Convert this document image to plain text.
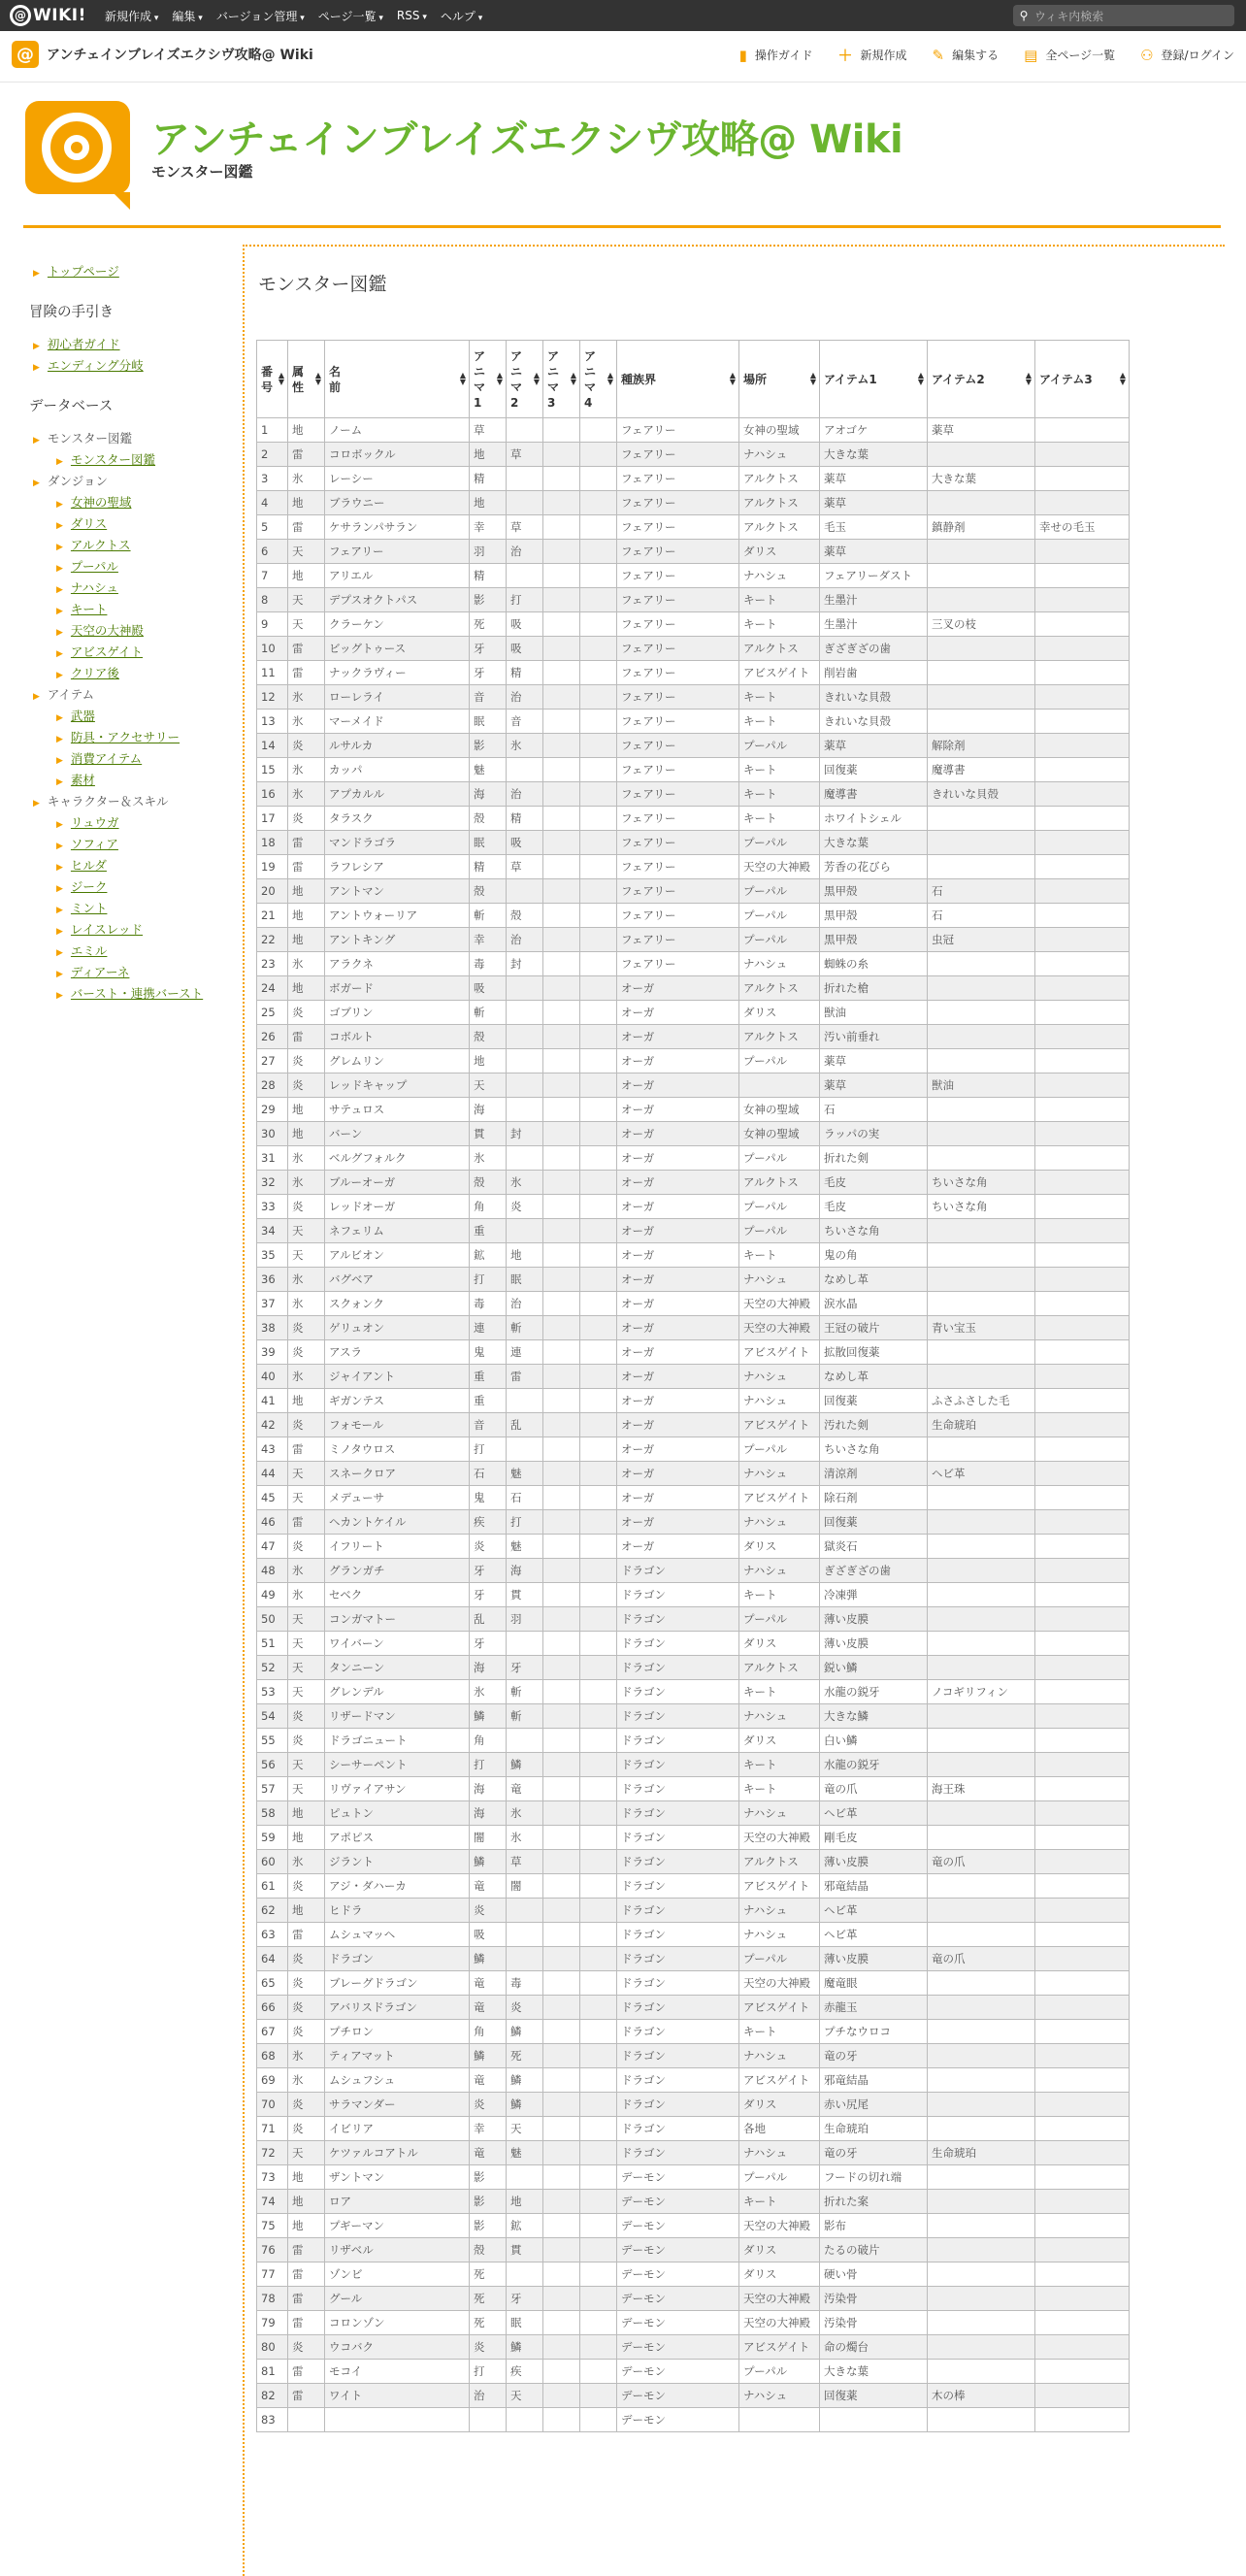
@ WIKI! 新規作成 ▾	編集 ▾	バージョン管理 ▾	ページ一覧 ▾	RSS ▾	ヘルプ ▾	⚲ ウィキ内検索
@ アンチェインブレイズエクシヴ攻略@ Wiki	▮ 操作ガイド ＋ 新規作成 ✎ 編集する ▤ 全ページ一覧 ⚇ 登録/ログイン
アンチェインブレイズエクシヴ攻略@ Wiki
モンスター図鑑
▶ トップページ
冒険の手引き
▶ 初心者ガイド
▶ エンディング分岐
データベース
▶ モンスター図鑑
▶ モンスター図鑑
▶ ダンジョン
▶ 女神の聖域
▶ ダリス
▶ アルクトス
▶ プーパル
▶ ナハシュ
▶ キート
▶ 天空の大神殿
▶ アビスゲイト
▶ クリア後
▶ アイテム
▶ 武器
▶ 防具・アクセサリー
▶ 消費アイテム
▶ 素材
▶ キャラクター＆スキル
▶ リュウガ
▶ ソフィア
▶ ヒルダ
▶ ジーク
▶ ミント
▶ レイスレッド
▶ エミル
▶ ディアーネ
▶ バースト・連携バースト
モンスター図鑑
番号
▲
▼	属性
▲
▼	名前
▲
▼	アニマ1
▲
▼	アニマ2
▲
▼	アニマ3
▲
▼	アニマ4
▲
▼	種族界 ▲
▼	場所 ▲
▼	アイテム1 ▲
▼	アイテム2 ▲
▼	アイテム3 ▲
▼

1	地	ノーム	草				フェアリー	女神の聖域	アオゴケ	薬草	
2	雷	コロボックル	地	草			フェアリー	ナハシュ	大きな葉		
3	氷	レーシー	精				フェアリー	アルクトス	薬草	大きな葉	
4	地	ブラウニー	地				フェアリー	アルクトス	薬草		
5	雷	ケサランパサラン	幸	草			フェアリー	アルクトス	毛玉	鎮静剤	幸せの毛玉
6	天	フェアリー	羽	治			フェアリー	ダリス	薬草		
7	地	アリエル	精				フェアリー	ナハシュ	フェアリーダスト		
8	天	デプスオクトパス	影	打			フェアリー	キート	生墨汁		
9	天	クラーケン	死	吸			フェアリー	キート	生墨汁	三叉の枝	
10	雷	ビッグトゥース	牙	吸			フェアリー	アルクトス	ぎざぎざの歯		
11	雷	ナックラヴィー	牙	精			フェアリー	アビスゲイト	削岩歯		
12	氷	ローレライ	音	治			フェアリー	キート	きれいな貝殻		
13	氷	マーメイド	眠	音			フェアリー	キート	きれいな貝殻		
14	炎	ルサルカ	影	氷			フェアリー	プーパル	薬草	解除剤	
15	氷	カッパ	魅				フェアリー	キート	回復薬	魔導書	
16	氷	アプカルル	海	治			フェアリー	キート	魔導書	きれいな貝殻	
17	炎	タラスク	殻	精			フェアリー	キート	ホワイトシェル		
18	雷	マンドラゴラ	眠	吸			フェアリー	プーパル	大きな葉		
19	雷	ラフレシア	精	草			フェアリー	天空の大神殿	芳香の花びら		
20	地	アントマン	殻				フェアリー	プーパル	黒甲殻	石	
21	地	アントウォーリア	斬	殻			フェアリー	プーパル	黒甲殻	石	
22	地	アントキング	幸	治			フェアリー	プーパル	黒甲殻	虫冠	
23	氷	アラクネ	毒	封			フェアリー	ナハシュ	蜘蛛の糸		
24	地	ボガード	吸				オーガ	アルクトス	折れた槍		
25	炎	ゴブリン	斬				オーガ	ダリス	獣油		
26	雷	コボルト	殻				オーガ	アルクトス	汚い前垂れ		
27	炎	グレムリン	地				オーガ	プーパル	薬草		
28	炎	レッドキャップ	天				オーガ		薬草	獣油	
29	地	サテュロス	海				オーガ	女神の聖域	石		
30	地	バーン	貫	封			オーガ	女神の聖域	ラッパの実		
31	氷	ベルグフォルク	氷				オーガ	プーパル	折れた剣		
32	氷	ブルーオーガ	殻	氷			オーガ	アルクトス	毛皮	ちいさな角	
33	炎	レッドオーガ	角	炎			オーガ	プーパル	毛皮	ちいさな角	
34	天	ネフェリム	重				オーガ	プーパル	ちいさな角		
35	天	アルビオン	鉱	地			オーガ	キート	鬼の角		
36	氷	バグベア	打	眠			オーガ	ナハシュ	なめし革		
37	氷	スクォンク	毒	治			オーガ	天空の大神殿	涙水晶		
38	炎	ゲリュオン	連	斬			オーガ	天空の大神殿	王冠の破片	青い宝玉	
39	炎	アスラ	鬼	連			オーガ	アビスゲイト	拡散回復薬		
40	氷	ジャイアント	重	雷			オーガ	ナハシュ	なめし革		
41	地	ギガンテス	重				オーガ	ナハシュ	回復薬	ふさふさした毛	
42	炎	フォモール	音	乱			オーガ	アビスゲイト	汚れた剣	生命琥珀	
43	雷	ミノタウロス	打				オーガ	プーパル	ちいさな角		
44	天	スネークロア	石	魅			オーガ	ナハシュ	清涼剤	ヘビ革	
45	天	メデューサ	鬼	石			オーガ	アビスゲイト	除石剤		
46	雷	ヘカントケイル	疾	打			オーガ	ナハシュ	回復薬		
47	炎	イフリート	炎	魅			オーガ	ダリス	獄炎石		
48	氷	グランガチ	牙	海			ドラゴン	ナハシュ	ぎざぎざの歯		
49	氷	セベク	牙	貫			ドラゴン	キート	冷凍弾		
50	天	コンガマトー	乱	羽			ドラゴン	プーパル	薄い皮膜		
51	天	ワイバーン	牙				ドラゴン	ダリス	薄い皮膜		
52	天	タンニーン	海	牙			ドラゴン	アルクトス	鋭い鱗		
53	天	グレンデル	氷	斬			ドラゴン	キート	水龍の鋭牙	ノコギリフィン	
54	炎	リザードマン	鱗	斬			ドラゴン	ナハシュ	大きな鱗		
55	炎	ドラゴニュート	角				ドラゴン	ダリス	白い鱗		
56	天	シーサーペント	打	鱗			ドラゴン	キート	水龍の鋭牙		
57	天	リヴァイアサン	海	竜			ドラゴン	キート	竜の爪	海王珠	
58	地	ピュトン	海	氷			ドラゴン	ナハシュ	ヘビ革		
59	地	アポピス	闇	氷			ドラゴン	天空の大神殿	剛毛皮		
60	氷	ジラント	鱗	草			ドラゴン	アルクトス	薄い皮膜	竜の爪	
61	炎	アジ・ダハーカ	竜	闇			ドラゴン	アビスゲイト	邪竜結晶		
62	地	ヒドラ	炎				ドラゴン	ナハシュ	ヘビ革		
63	雷	ムシュマッヘ	吸				ドラゴン	ナハシュ	ヘビ革		
64	炎	ドラゴン	鱗				ドラゴン	プーパル	薄い皮膜	竜の爪	
65	炎	ブレーグドラゴン	竜	毒			ドラゴン	天空の大神殿	魔竜眼		
66	炎	アバリスドラゴン	竜	炎			ドラゴン	アビスゲイト	赤龍玉		
67	炎	プチロン	角	鱗			ドラゴン	キート	プチなウロコ		
68	氷	ティアマット	鱗	死			ドラゴン	ナハシュ	竜の牙		
69	氷	ムシュフシュ	竜	鱗			ドラゴン	アビスゲイト	邪竜結晶		
70	炎	サラマンダー	炎	鱗			ドラゴン	ダリス	赤い尻尾		
71	炎	イビリア	幸	天			ドラゴン	各地	生命琥珀		
72	天	ケツァルコアトル	竜	魅			ドラゴン	ナハシュ	竜の牙	生命琥珀	
73	地	ザントマン	影				デーモン	プーパル	フードの切れ端		
74	地	ロア	影	地			デーモン	キート	折れた案		
75	地	プギーマン	影	鉱			デーモン	天空の大神殿	影布		
76	雷	リザベル	殻	貫			デーモン	ダリス	たるの破片		
77	雷	ゾンビ	死				デーモン	ダリス	硬い骨		
78	雷	グール	死	牙			デーモン	天空の大神殿	汚染骨		
79	雷	コロンゾン	死	眠			デーモン	天空の大神殿	汚染骨		
80	炎	ウコバク	炎	鱗			デーモン	アビスゲイト	命の燭台		
81	雷	モコイ	打	疾			デーモン	プーパル	大きな葉		
82	雷	ワイト	治	天			デーモン	ナハシュ	回復薬	木の棒	
83							デーモン				
